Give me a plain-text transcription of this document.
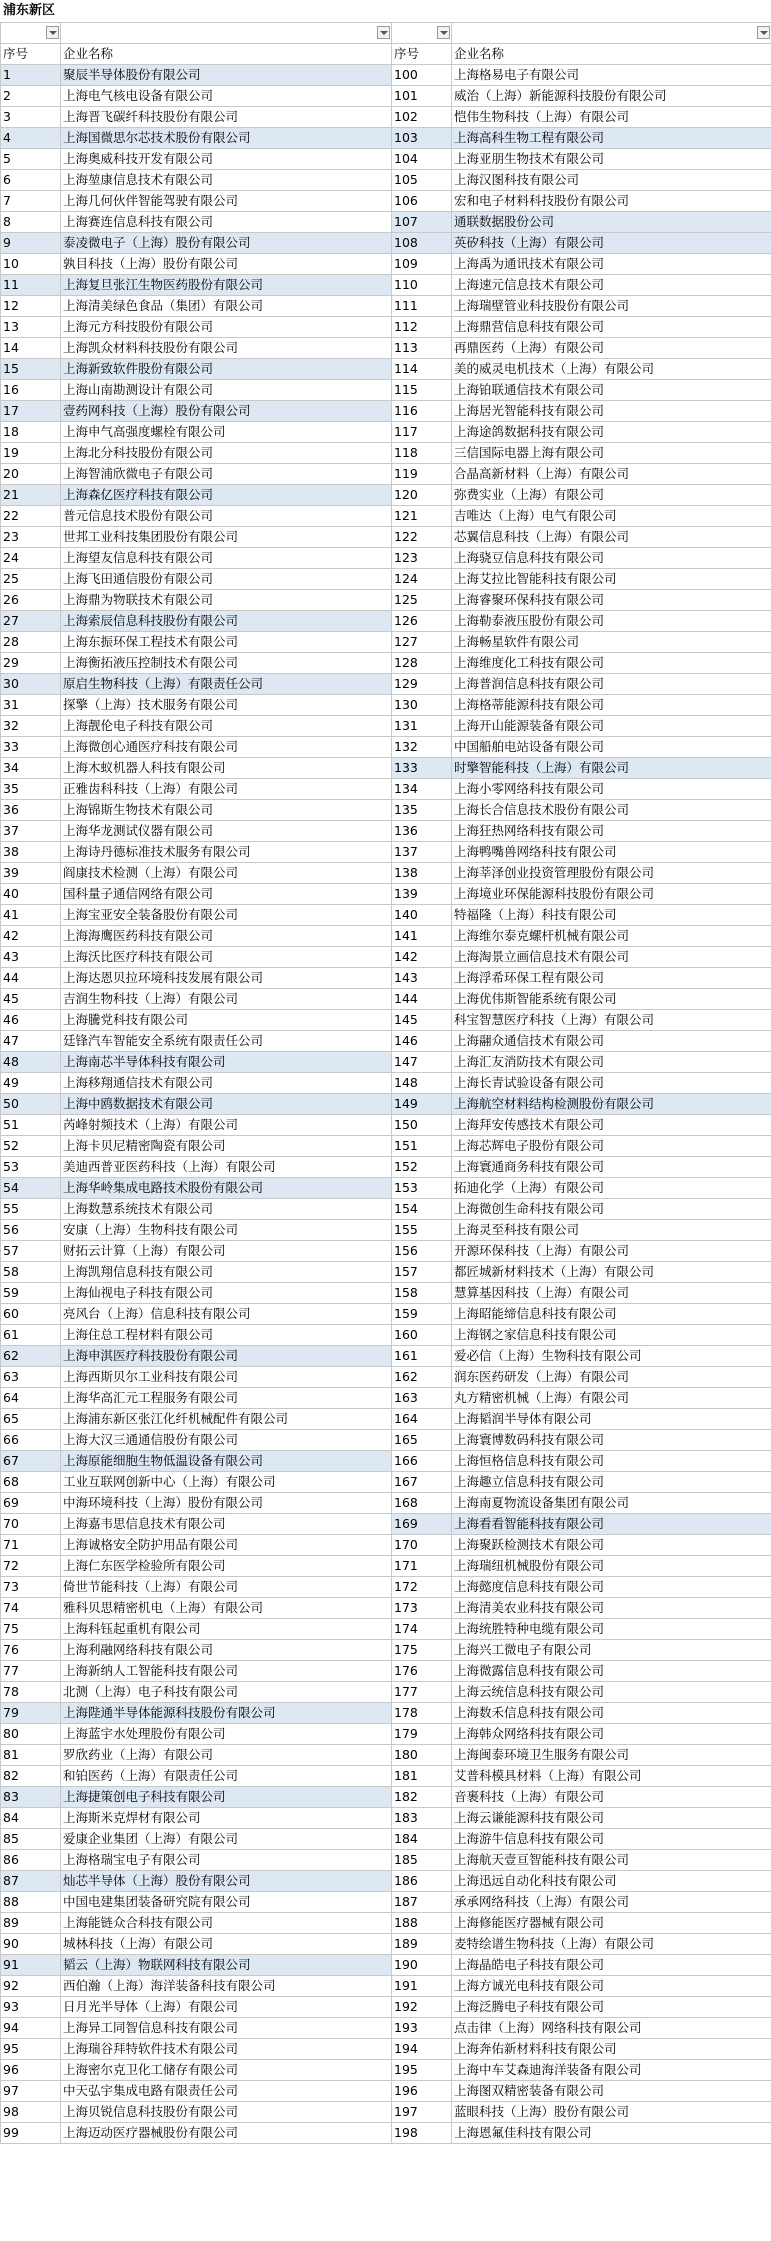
浦东新区

序号	企业名称	序号	企业名称
1	聚辰半导体股份有限公司	100	上海格易电子有限公司
2	上海电气核电设备有限公司	101	威治（上海）新能源科技股份有限公司
3	上海晋飞碳纤科技股份有限公司	102	恺伟生物科技（上海）有限公司
4	上海国微思尔芯技术股份有限公司	103	上海高科生物工程有限公司
5	上海奥威科技开发有限公司	104	上海亚朋生物技术有限公司
6	上海堃康信息技术有限公司	105	上海汉图科技有限公司
7	上海几何伙伴智能驾驶有限公司	106	宏和电子材料科技股份有限公司
8	上海赛连信息科技有限公司	107	通联数据股份公司
9	泰凌微电子（上海）股份有限公司	108	英矽科技（上海）有限公司
10	孰目科技（上海）股份有限公司	109	上海禹为通讯技术有限公司
11	上海复旦张江生物医药股份有限公司	110	上海速元信息技术有限公司
12	上海清美绿色食品（集团）有限公司	111	上海瑞壁管业科技股份有限公司
13	上海元方科技股份有限公司	112	上海鼎营信息科技有限公司
14	上海凯众材料科技股份有限公司	113	再鼎医药（上海）有限公司
15	上海新致软件股份有限公司	114	美的威灵电机技术（上海）有限公司
16	上海山南勘测设计有限公司	115	上海铂联通信技术有限公司
17	壹药网科技（上海）股份有限公司	116	上海居光智能科技有限公司
18	上海申气高强度螺栓有限公司	117	上海途鸽数据科技有限公司
19	上海北分科技股份有限公司	118	三信国际电器上海有限公司
20	上海智浦欣微电子有限公司	119	合晶高新材料（上海）有限公司
21	上海森亿医疗科技有限公司	120	弥费实业（上海）有限公司
22	普元信息技术股份有限公司	121	吉唯达（上海）电气有限公司
23	世邦工业科技集团股份有限公司	122	芯翼信息科技（上海）有限公司
24	上海望友信息科技有限公司	123	上海骁豆信息科技有限公司
25	上海飞田通信股份有限公司	124	上海艾拉比智能科技有限公司
26	上海鼎为物联技术有限公司	125	上海睿聚环保科技有限公司
27	上海索辰信息科技股份有限公司	126	上海勒泰液压股份有限公司
28	上海东振环保工程技术有限公司	127	上海畅星软件有限公司
29	上海衡拓液压控制技术有限公司	128	上海维度化工科技有限公司
30	原启生物科技（上海）有限责任公司	129	上海普润信息科技有限公司
31	探擎（上海）技术服务有限公司	130	上海格蒂能源科技有限公司
32	上海靓伦电子科技有限公司	131	上海开山能源装备有限公司
33	上海微创心通医疗科技有限公司	132	中国船舶电站设备有限公司
34	上海木蚁机器人科技有限公司	133	时擎智能科技（上海）有限公司
35	正雅齿科科技（上海）有限公司	134	上海小零网络科技有限公司
36	上海锦斯生物技术有限公司	135	上海长合信息技术股份有限公司
37	上海华龙测试仪器有限公司	136	上海狂热网络科技有限公司
38	上海诗丹德标准技术服务有限公司	137	上海鸭嘴兽网络科技有限公司
39	阎康技术检测（上海）有限公司	138	上海莘泽创业投资管理股份有限公司
40	国科量子通信网络有限公司	139	上海境业环保能源科技股份有限公司
41	上海宝亚安全装备股份有限公司	140	特福隆（上海）科技有限公司
42	上海海鹰医药科技有限公司	141	上海维尔泰克螺杆机械有限公司
43	上海沃比医疗科技有限公司	142	上海淘景立画信息技术有限公司
44	上海达恩贝拉环境科技发展有限公司	143	上海浮希环保工程有限公司
45	吉润生物科技（上海）有限公司	144	上海优伟斯智能系统有限公司
46	上海騰党科技有限公司	145	科宝智慧医疗科技（上海）有限公司
47	廷锋汽车智能安全系统有限责任公司	146	上海翮众通信技术有限公司
48	上海南芯半导体科技有限公司	147	上海汇友消防技术有限公司
49	上海移翔通信技术有限公司	148	上海长青试验设备有限公司
50	上海中鸥数据技术有限公司	149	上海航空材料结构检测股份有限公司
51	芮峰射频技术（上海）有限公司	150	上海拜安传感技术有限公司
52	上海卡贝尼精密陶瓷有限公司	151	上海芯辉电子股份有限公司
53	美迪西普亚医药科技（上海）有限公司	152	上海寰通商务科技有限公司
54	上海华岭集成电路技术股份有限公司	153	拓迪化学（上海）有限公司
55	上海数慧系统技术有限公司	154	上海微创生命科技有限公司
56	安康（上海）生物科技有限公司	155	上海灵至科技有限公司
57	财拓云计算（上海）有限公司	156	开源环保科技（上海）有限公司
58	上海凯翔信息科技有限公司	157	都匠城新材料技术（上海）有限公司
59	上海仙视电子科技有限公司	158	慧算基因科技（上海）有限公司
60	亮风台（上海）信息科技有限公司	159	上海昭能缔信息科技有限公司
61	上海住总工程材料有限公司	160	上海钢之家信息科技有限公司
62	上海申淇医疗科技股份有限公司	161	爱必信（上海）生物科技有限公司
63	上海西斯贝尔工业科技有限公司	162	润东医药研发（上海）有限公司
64	上海华高汇元工程服务有限公司	163	丸方精密机械（上海）有限公司
65	上海浦东新区张江化纤机械配件有限公司	164	上海韬润半导体有限公司
66	上海大汉三通通信股份有限公司	165	上海寰博数码科技有限公司
67	上海原能细胞生物低温设备有限公司	166	上海恒格信息科技有限公司
68	工业互联网创新中心（上海）有限公司	167	上海趣立信息科技有限公司
69	中海环境科技（上海）股份有限公司	168	上海南夏物流设备集团有限公司
70	上海嘉韦思信息技术有限公司	169	上海看看智能科技有限公司
71	上海诚格安全防护用品有限公司	170	上海聚跃检测技术有限公司
72	上海仁东医学检验所有限公司	171	上海瑞纽机械股份有限公司
73	倚世节能科技（上海）有限公司	172	上海懿度信息科技有限公司
74	雅科贝思精密机电（上海）有限公司	173	上海清美农业科技有限公司
75	上海科钰起重机有限公司	174	上海统胜特种电缆有限公司
76	上海利融网络科技有限公司	175	上海兴工微电子有限公司
77	上海新纳人工智能科技有限公司	176	上海微露信息科技有限公司
78	北测（上海）电子科技有限公司	177	上海云统信息科技有限公司
79	上海陛通半导体能源科技股份有限公司	178	上海数禾信息科技有限公司
80	上海蓝宇水处理股份有限公司	179	上海韩众网络科技有限公司
81	罗欣药业（上海）有限公司	180	上海闽泰环境卫生服务有限公司
82	和铂医药（上海）有限责任公司	181	艾普科模具材料（上海）有限公司
83	上海捷策创电子科技有限公司	182	音裹科技（上海）有限公司
84	上海斯米克焊材有限公司	183	上海云谦能源科技有限公司
85	爱康企业集团（上海）有限公司	184	上海游牛信息科技有限公司
86	上海格瑞宝电子有限公司	185	上海航天壹亘智能科技有限公司
87	灿芯半导体（上海）股份有限公司	186	上海迅远自动化科技有限公司
88	中国电建集团装备研究院有限公司	187	承承网络科技（上海）有限公司
89	上海能链众合科技有限公司	188	上海修能医疗器械有限公司
90	城林科技（上海）有限公司	189	麦特绘谱生物科技（上海）有限公司
91	韬云（上海）物联网科技有限公司	190	上海晶皓电子科技有限公司
92	西伯瀚（上海）海洋装备科技有限公司	191	上海方诚光电科技有限公司
93	日月光半导体（上海）有限公司	192	上海泛腾电子科技有限公司
94	上海异工同智信息科技有限公司	193	点击律（上海）网络科技有限公司
95	上海瑞谷拜特软件技术有限公司	194	上海奔佑新材料科技有限公司
96	上海密尔克卫化工储存有限公司	195	上海中车艾森迪海洋装备有限公司
97	中天弘宇集成电路有限责任公司	196	上海图双精密装备有限公司
98	上海贝锐信息科技股份有限公司	197	蓝眼科技（上海）股份有限公司
99	上海迈动医疗器械股份有限公司	198	上海恩氟佳科技有限公司
